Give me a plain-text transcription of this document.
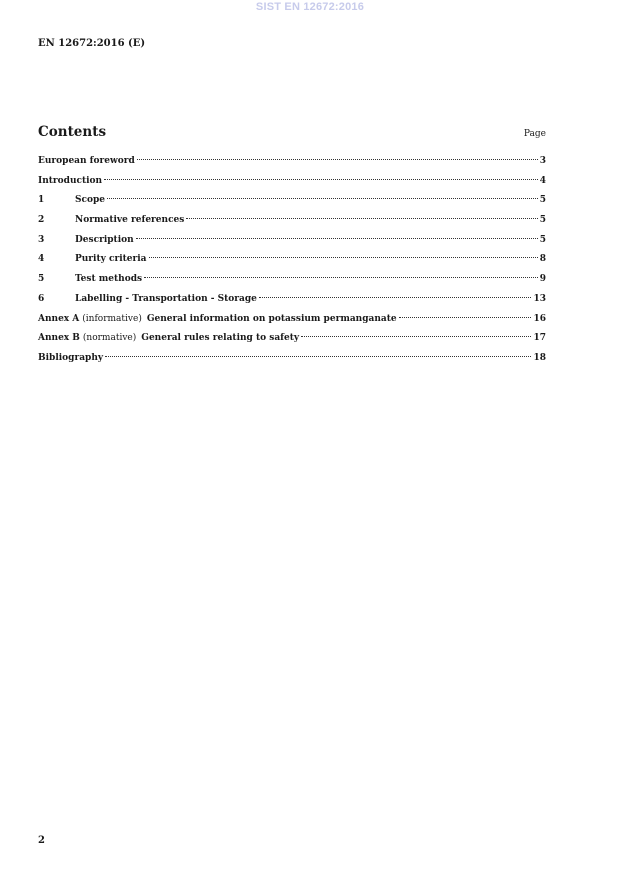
SIST EN 12672:2016
EN 12672:2016 (E)
Contents	Page
European foreword	3
Introduction	4
1	Scope	5
2	Normative references	5
3	Description	5
4	Purity criteria	8
5	Test methods	9
6	Labelling - Transportation - Storage	13
Annex A (informative) General information on potassium permanganate	16
Annex B (normative) General rules relating to safety	17
Bibliography	18
2
